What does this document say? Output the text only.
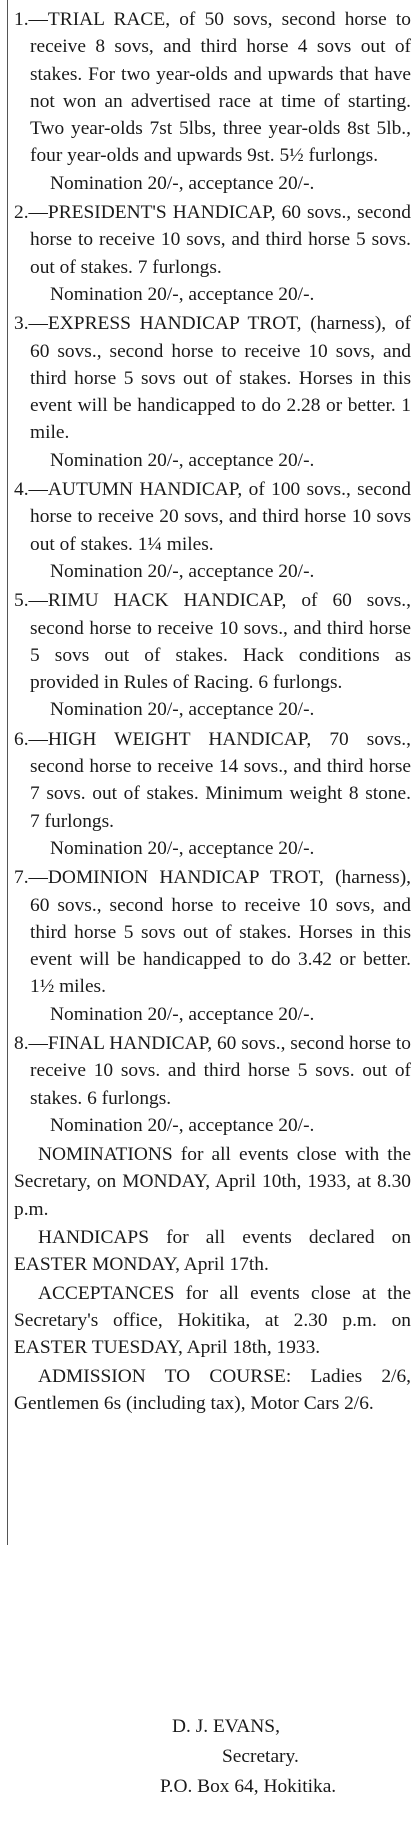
1.—TRIAL RACE, of 50 sovs, second horse to receive 8 sovs, and third horse 4 sovs out of stakes. For two year-olds and upwards that have not won an advertised race at time of starting. Two year-olds 7st 5lbs, three year-olds 8st 5lb., four year-olds and upwards 9st. 5½ furlongs.

Nomination 20/-, acceptance 20/-.

2.—PRESIDENT'S HANDICAP, 60 sovs., second horse to receive 10 sovs, and third horse 5 sovs. out of stakes. 7 furlongs.

Nomination 20/-, acceptance 20/-.

3.—EXPRESS HANDICAP TROT, (harness), of 60 sovs., second horse to receive 10 sovs, and third horse 5 sovs out of stakes. Horses in this event will be handicapped to do 2.28 or better. 1 mile.

Nomination 20/-, acceptance 20/-.

4.—AUTUMN HANDICAP, of 100 sovs., second horse to receive 20 sovs, and third horse 10 sovs out of stakes. 1¼ miles.

Nomination 20/-, acceptance 20/-.

5.—RIMU HACK HANDICAP, of 60 sovs., second horse to receive 10 sovs., and third horse 5 sovs out of stakes. Hack conditions as provided in Rules of Racing. 6 furlongs.

Nomination 20/-, acceptance 20/-.

6.—HIGH WEIGHT HANDICAP, 70 sovs., second horse to receive 14 sovs., and third horse 7 sovs. out of stakes. Minimum weight 8 stone. 7 furlongs.

Nomination 20/-, acceptance 20/-.

7.—DOMINION HANDICAP TROT, (harness), 60 sovs., second horse to receive 10 sovs, and third horse 5 sovs out of stakes. Horses in this event will be handicapped to do 3.42 or better. 1½ miles.

Nomination 20/-, acceptance 20/-.

8.—FINAL HANDICAP, 60 sovs., second horse to receive 10 sovs. and third horse 5 sovs. out of stakes. 6 furlongs.

Nomination 20/-, acceptance 20/-.

NOMINATIONS for all events close with the Secretary, on MONDAY, April 10th, 1933, at 8.30 p.m.

HANDICAPS for all events declared on EASTER MONDAY, April 17th.

ACCEPTANCES for all events close at the Secretary's office, Hokitika, at 2.30 p.m. on EASTER TUESDAY, April 18th, 1933.

ADMISSION TO COURSE: Ladies 2/6, Gentlemen 6s (including tax), Motor Cars 2/6.

D. J. EVANS,

Secretary.

P.O. Box 64, Hokitika.
